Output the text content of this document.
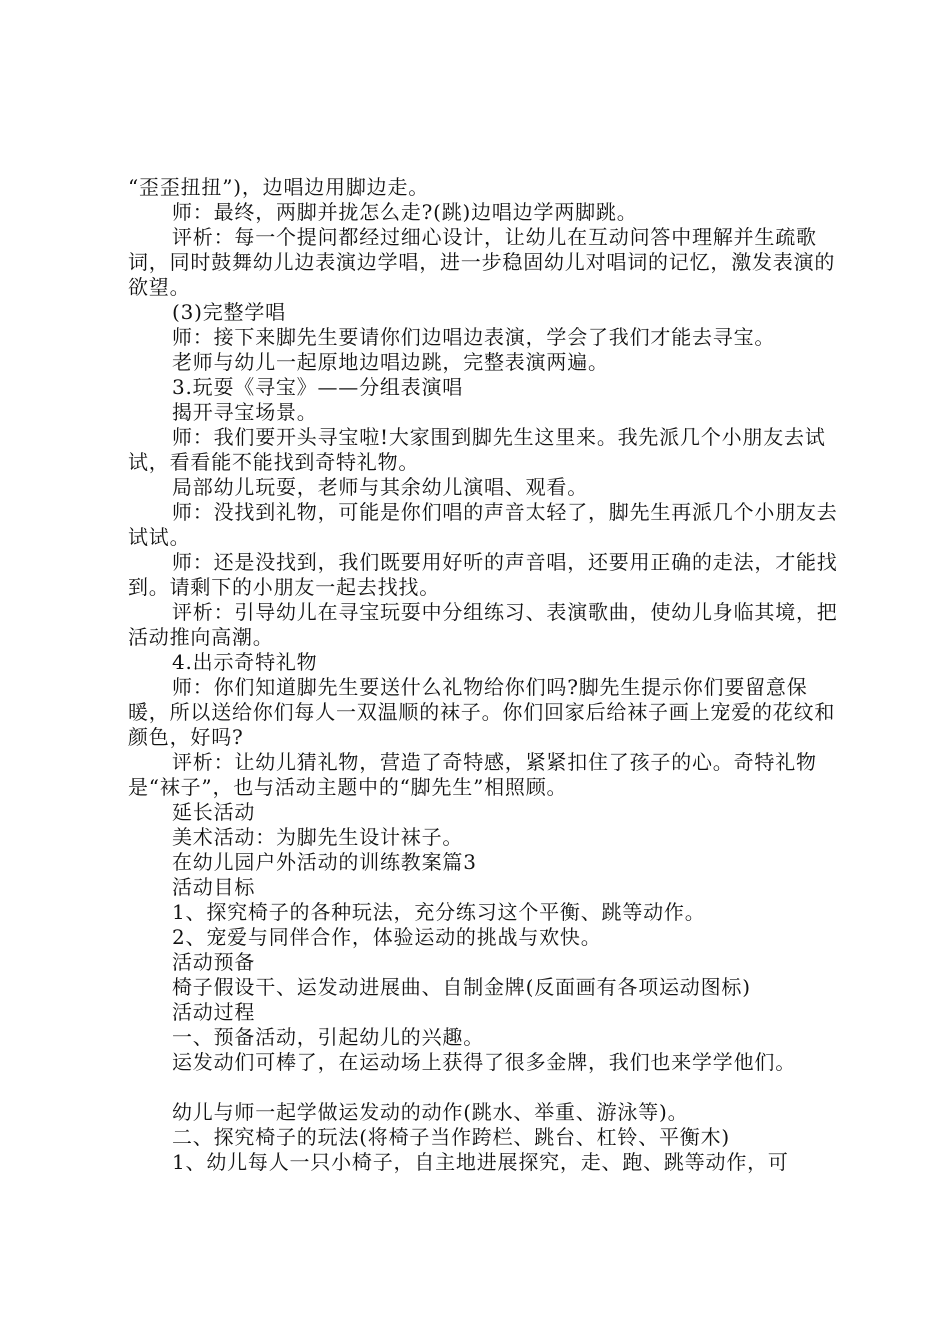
“歪歪扭扭”)，边唱边用脚边走。

师：最终，两脚并拢怎么走?(跳)边唱边学两脚跳。

评析：每一个提问都经过细心设计，让幼儿在互动问答中理解并生疏歌词，同时鼓舞幼儿边表演边学唱，进一步稳固幼儿对唱词的记忆，激发表演的欲望。

(3)完整学唱

师：接下来脚先生要请你们边唱边表演，学会了我们才能去寻宝。

老师与幼儿一起原地边唱边跳，完整表演两遍。

3.玩耍《寻宝》——分组表演唱

揭开寻宝场景。

师：我们要开头寻宝啦!大家围到脚先生这里来。我先派几个小朋友去试试，看看能不能找到奇特礼物。

局部幼儿玩耍，老师与其余幼儿演唱、观看。

师：没找到礼物，可能是你们唱的声音太轻了，脚先生再派几个小朋友去试试。

师：还是没找到，我们既要用好听的声音唱，还要用正确的走法，才能找到。请剩下的小朋友一起去找找。

评析：引导幼儿在寻宝玩耍中分组练习、表演歌曲，使幼儿身临其境，把活动推向高潮。

4.出示奇特礼物

师：你们知道脚先生要送什么礼物给你们吗?脚先生提示你们要留意保暖，所以送给你们每人一双温顺的袜子。你们回家后给袜子画上宠爱的花纹和颜色，好吗?

评析：让幼儿猜礼物，营造了奇特感，紧紧扣住了孩子的心。奇特礼物是“袜子”，也与活动主题中的“脚先生”相照顾。

延长活动

美术活动：为脚先生设计袜子。

在幼儿园户外活动的训练教案篇3

活动目标

1、探究椅子的各种玩法，充分练习这个平衡、跳等动作。

2、宠爱与同伴合作，体验运动的挑战与欢快。

活动预备

椅子假设干、运发动进展曲、自制金牌(反面画有各项运动图标)

活动过程

一、预备活动，引起幼儿的兴趣。

运发动们可棒了，在运动场上获得了很多金牌，我们也来学学他们。

幼儿与师一起学做运发动的动作(跳水、举重、游泳等)。

二、探究椅子的玩法(将椅子当作跨栏、跳台、杠铃、平衡木)

1、幼儿每人一只小椅子，自主地进展探究，走、跑、跳等动作，可
